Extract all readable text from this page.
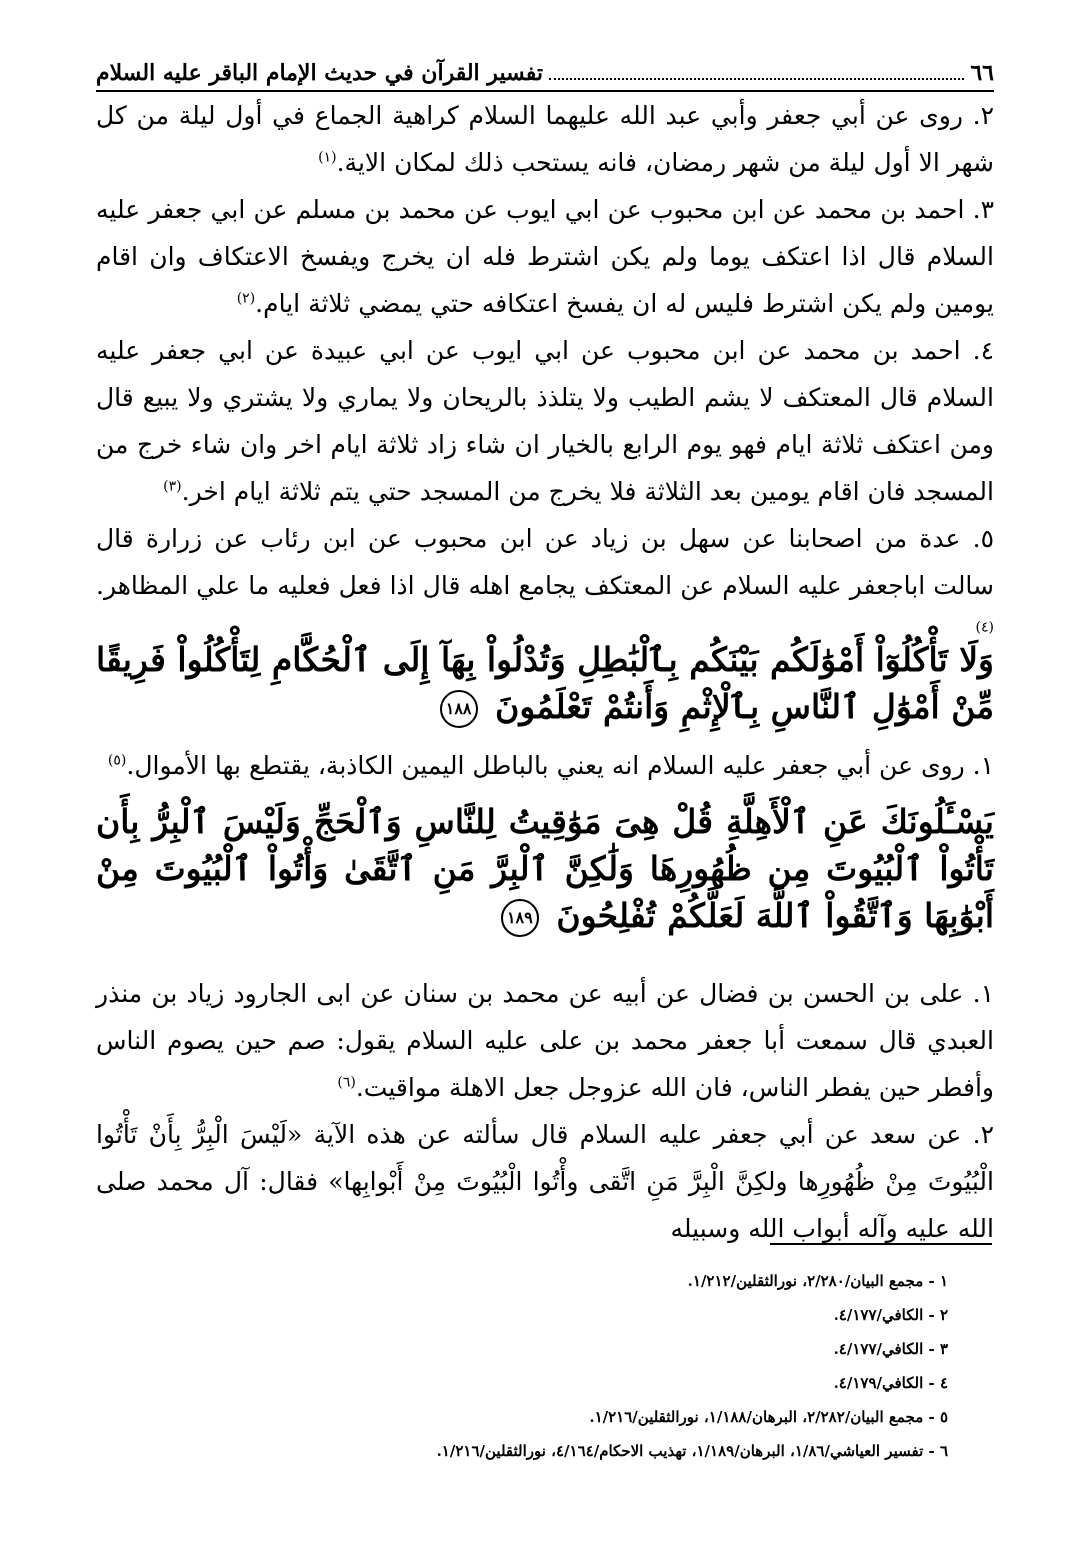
٦٦
تفسير القرآن في حديث الإمام الباقر عليه السلام

٢. روى عن أبي جعفر وأبي عبد الله عليهما السلام كراهية الجماع في أول ليلة من كل شهر الا أول ليلة من شهر رمضان، فانه يستحب ذلك لمكان الاية.$^{(١)}$

٣. احمد بن محمد عن ابن محبوب عن ابي ايوب عن محمد بن مسلم عن ابي جعفر عليه السلام قال اذا اعتكف يوما ولم يكن اشترط فله ان يخرج ويفسخ الاعتكاف وان اقام يومين ولم يكن اشترط فليس له ان يفسخ اعتكافه حتي يمضي ثلاثة ايام.$^{(٢)}$

٤. احمد بن محمد عن ابن محبوب عن ابي ايوب عن ابي عبيدة عن ابي جعفر عليه السلام قال المعتكف لا يشم الطيب ولا يتلذذ بالريحان ولا يماري ولا يشتري ولا يبيع قال ومن اعتكف ثلاثة ايام فهو يوم الرابع بالخيار ان شاء زاد ثلاثة ايام اخر وان شاء خرج من المسجد فان اقام يومين بعد الثلاثة فلا يخرج من المسجد حتي يتم ثلاثة ايام اخر.$^{(٣)}$

٥. عدة من اصحابنا عن سهل بن زياد عن ابن محبوب عن ابن رئاب عن زرارة قال سالت اباجعفر عليه السلام عن المعتكف يجامع اهله قال اذا فعل فعليه ما علي المظاهر.$^{(٤)}$

وَلَا تَأْكُلُوٓاْ أَمْوَٰلَكُم بَيْنَكُم بِٱلْبَٰطِلِ وَتُدْلُواْ بِهَآ إِلَى ٱلْحُكَّامِ لِتَأْكُلُواْ فَرِيقًا مِّنْ أَمْوَٰلِ ٱلنَّاسِ بِٱلْإِثْمِ وَأَنتُمْ تَعْلَمُونَ ١٨٨

١. روى عن أبي جعفر عليه السلام انه يعني بالباطل اليمين الكاذبة، يقتطع بها الأموال.$^{(٥)}$

يَسْـَٔلُونَكَ عَنِ ٱلْأَهِلَّةِ قُلْ هِىَ مَوَٰقِيتُ لِلنَّاسِ وَٱلْحَجِّ وَلَيْسَ ٱلْبِرُّ بِأَن تَأْتُواْ ٱلْبُيُوتَ مِن ظُهُورِهَا وَلَٰكِنَّ ٱلْبِرَّ مَنِ ٱتَّقَىٰ وَأْتُواْ ٱلْبُيُوتَ مِنْ أَبْوَٰبِهَا وَٱتَّقُواْ ٱللَّهَ لَعَلَّكُمْ تُفْلِحُونَ ١٨٩

١. على بن الحسن بن فضال عن أبيه عن محمد بن سنان عن ابى الجارود زياد بن منذر العبدي قال سمعت أبا جعفر محمد بن على عليه السلام يقول: صم حين يصوم الناس وأفطر حين يفطر الناس، فان الله عزوجل جعل الاهلة مواقيت.$^{(٦)}$

٢. عن سعد عن أبي جعفر عليه السلام قال سألته عن هذه الآية «لَيْسَ الْبِرُّ بِأَنْ تَأْتُوا الْبُيُوتَ مِنْ ظُهُورِها ولكِنَّ الْبِرَّ مَنِ اتَّقى وأْتُوا الْبُيُوتَ مِنْ أَبْوابِها» فقال: آل محمد صلى الله عليه وآله أبواب الله وسبيله

١ - مجمع البيان/٢/٢٨٠، نورالثقلين/١/٢١٢.

٢ - الكافي/٤/١٧٧.

٣ - الكافي/٤/١٧٧.

٤ - الكافي/٤/١٧٩.

٥ - مجمع البيان/٢/٢٨٢، البرهان/١/١٨٨، نورالثقلين/١/٢١٦.

٦ - تفسير العياشي/١/٨٦، البرهان/١/١٨٩، تهذيب الاحكام/٤/١٦٤، نورالثقلين/١/٢١٦.
